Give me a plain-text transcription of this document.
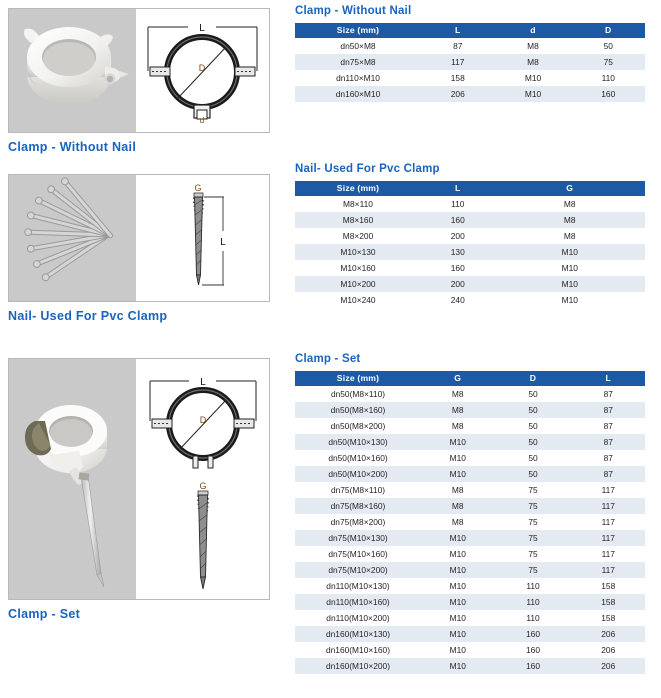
L
D
d
Clamp - Without Nail
G
L
Nail- Used For Pvc Clamp
L
D
G
Clamp - Set
Clamp - Without Nail
Size (mm)	L	d	D
dn50×M8	87	M8	50
dn75×M8	117	M8	75
dn110×M10	158	M10	110
dn160×M10	206	M10	160
Nail- Used For Pvc Clamp
Size (mm)	L	G
M8×110	110	M8
M8×160	160	M8
M8×200	200	M8
M10×130	130	M10
M10×160	160	M10
M10×200	200	M10
M10×240	240	M10
Clamp - Set
Size (mm)	G	D	L
dn50(M8×110)	M8	50	87
dn50(M8×160)	M8	50	87
dn50(M8×200)	M8	50	87
dn50(M10×130)	M10	50	87
dn50(M10×160)	M10	50	87
dn50(M10×200)	M10	50	87
dn75(M8×110)	M8	75	117
dn75(M8×160)	M8	75	117
dn75(M8×200)	M8	75	117
dn75(M10×130)	M10	75	117
dn75(M10×160)	M10	75	117
dn75(M10×200)	M10	75	117
dn110(M10×130)	M10	110	158
dn110(M10×160)	M10	110	158
dn110(M10×200)	M10	110	158
dn160(M10×130)	M10	160	206
dn160(M10×160)	M10	160	206
dn160(M10×200)	M10	160	206
